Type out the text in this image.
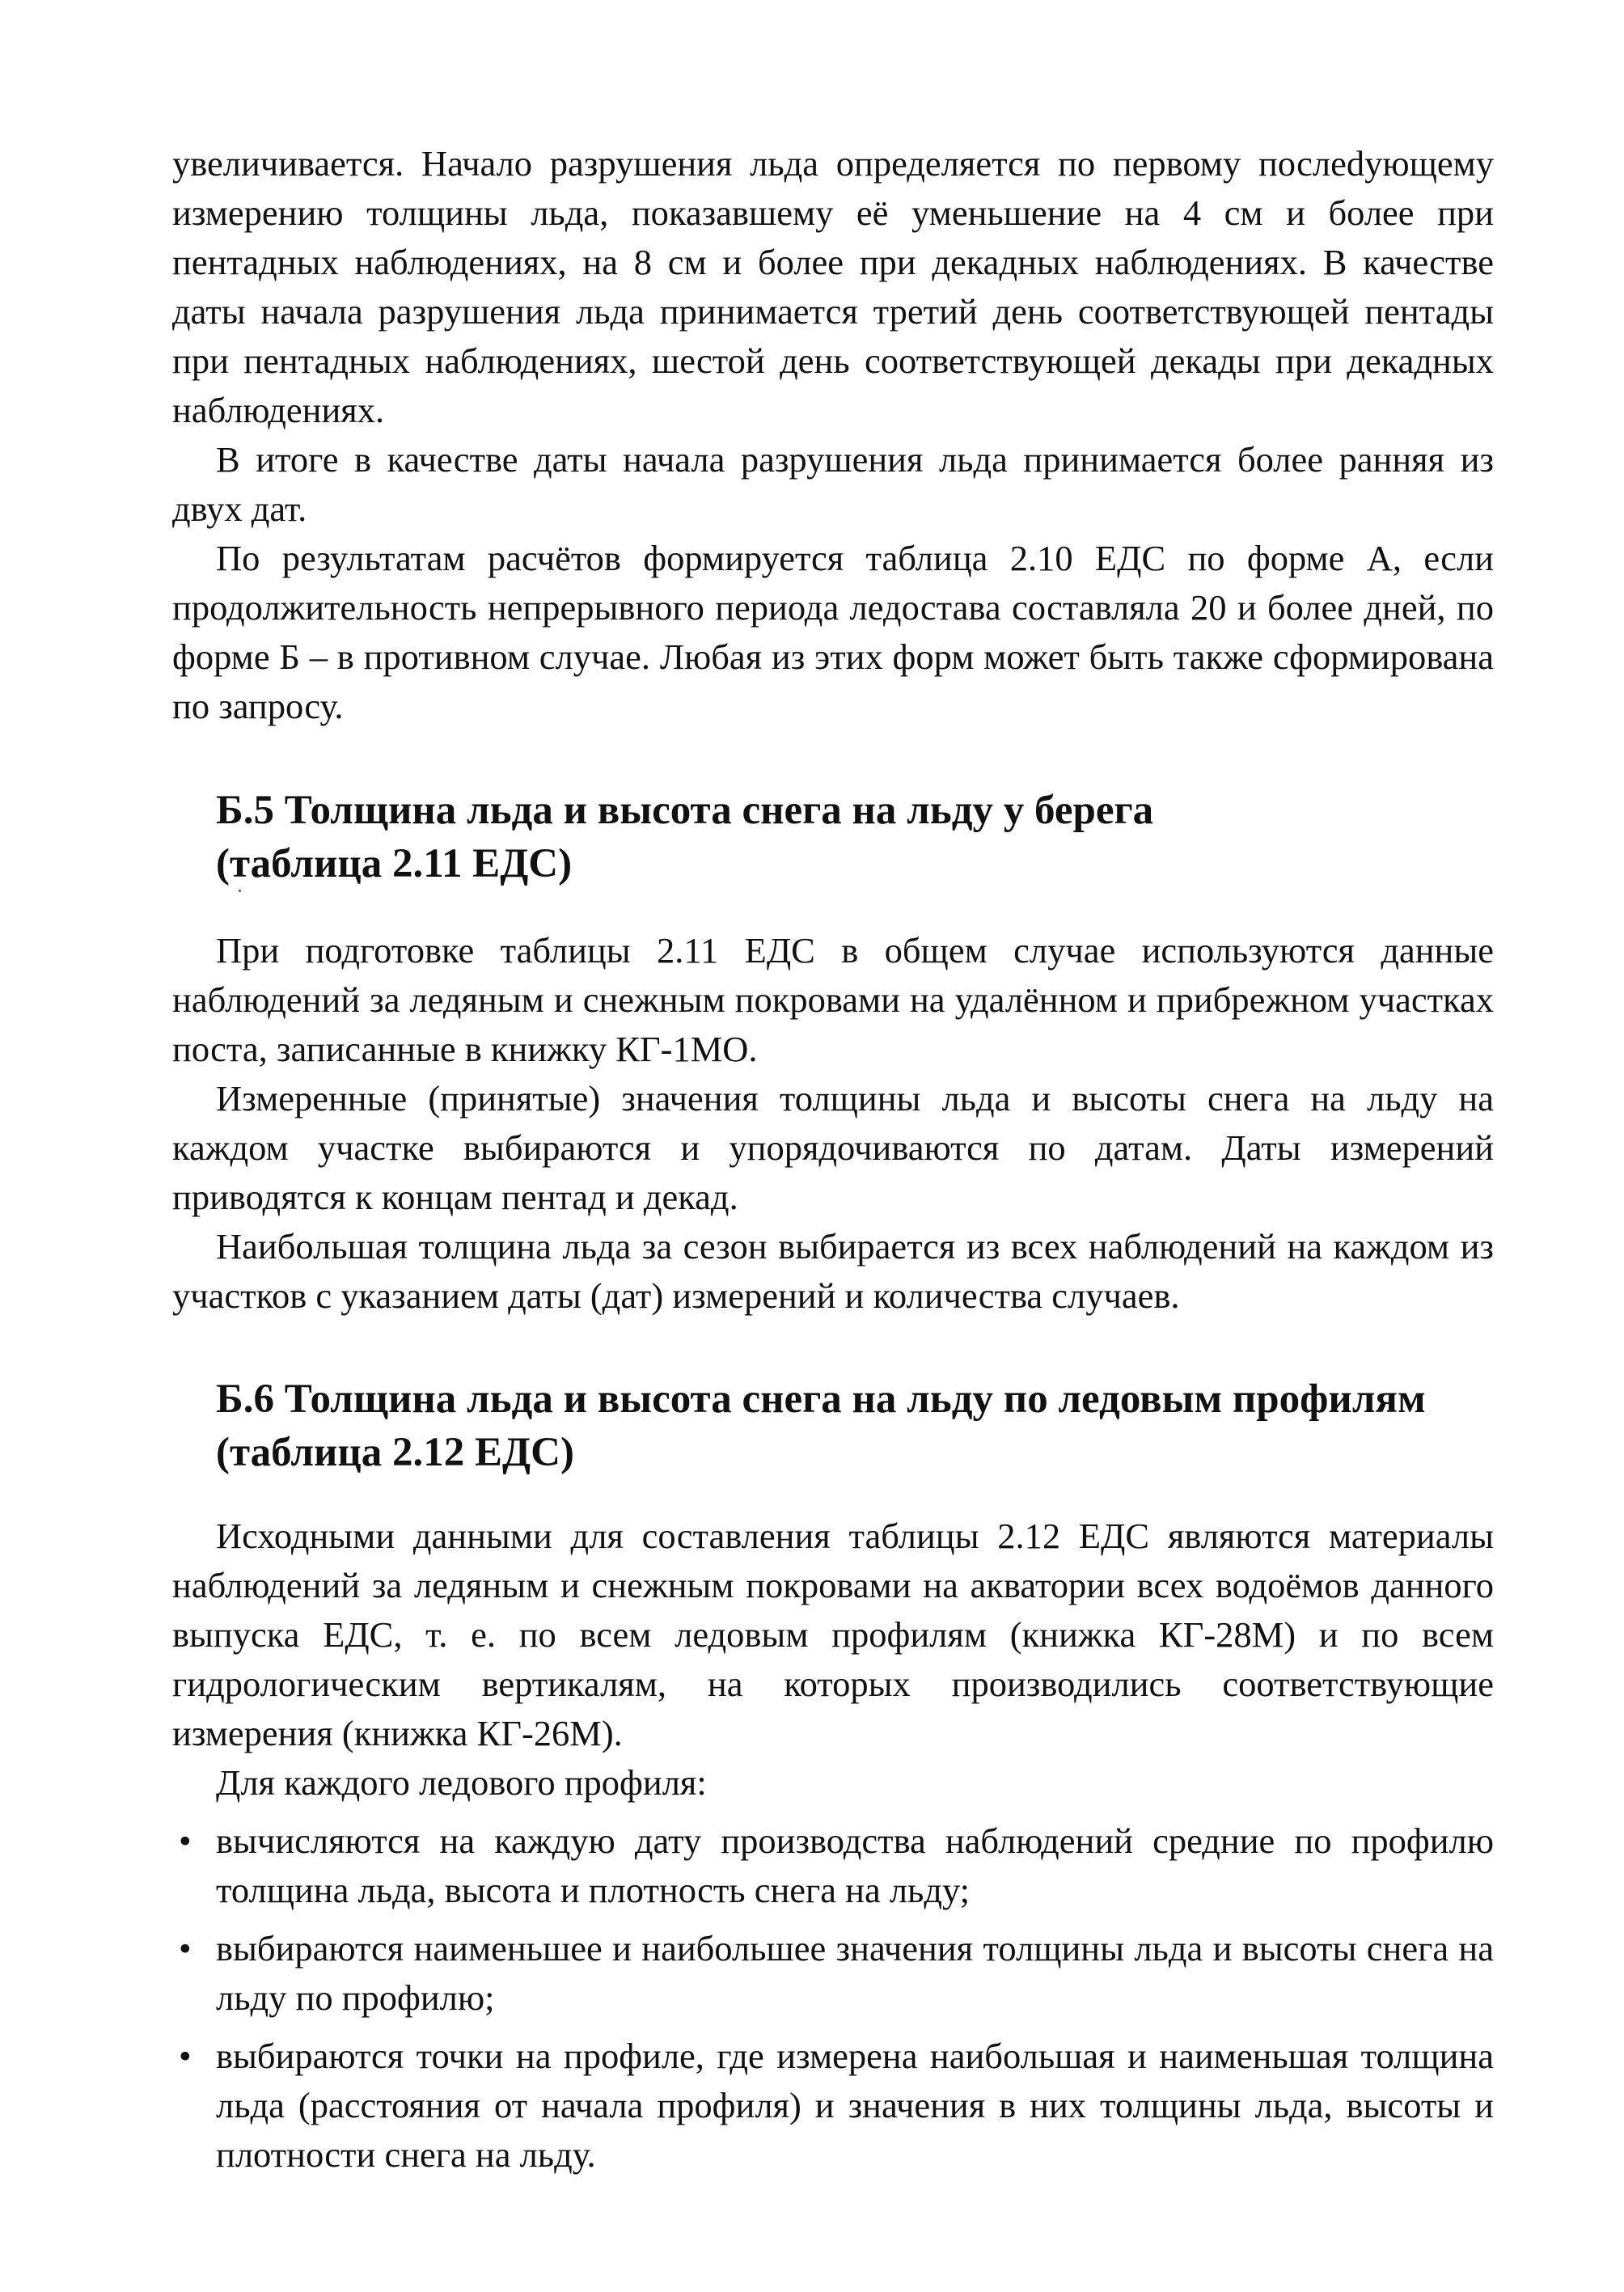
увеличивается. Начало разрушения льда определяется по первому послеdующему измерению толщины льда, показавшему её уменьшение на 4 см и более при пентадных наблюдениях, на 8 см и более при декадных наблюдениях. В качестве даты начала разрушения льда принимается третий день соответствующей пентады при пентадных наблюдениях, шестой день соответствующей декады при декадных наблюдениях.

В итоге в качестве даты начала разрушения льда принимается более ранняя из двух дат.

По результатам расчётов формируется таблица 2.10 ЕДС по форме А, если продолжительность непрерывного периода ледостава составляла 20 и более дней, по форме Б – в противном случае. Любая из этих форм может быть также сформирована по запросу.

Б.5 Толщина льда и высота снега на льду у берега
(таблица 2.11 ЕДС)

При подготовке таблицы 2.11 ЕДС в общем случае используются данные наблюдений за ледяным и снежным покровами на удалённом и прибрежном участках поста, записанные в книжку КГ-1МО.

Измеренные (принятые) значения толщины льда и высоты снега на льду на каждом участке выбираются и упорядочиваются по датам. Даты измерений приводятся к концам пентад и декад.

Наибольшая толщина льда за сезон выбирается из всех наблюдений на каждом из участков с указанием даты (дат) измерений и количества случаев.

Б.6 Толщина льда и высота снега на льду по ледовым профилям
(таблица 2.12 ЕДС)

Исходными данными для составления таблицы 2.12 ЕДС являются материалы наблюдений за ледяным и снежным покровами на акватории всех водоёмов данного выпуска ЕДС, т. е. по всем ледовым профилям (книжка КГ-28М) и по всем гидрологическим вертикалям, на которых производились соответствующие измерения (книжка КГ-26М).

Для каждого ледового профиля:

• вычисляются на каждую дату производства наблюдений средние по профилю толщина льда, высота и плотность снега на льду;
• выбираются наименьшее и наибольшее значения толщины льда и высоты снега на льду по профилю;
• выбираются точки на профиле, где измерена наибольшая и наименьшая толщина льда (расстояния от начала профиля) и значения в них толщины льда, высоты и плотности снега на льду.
